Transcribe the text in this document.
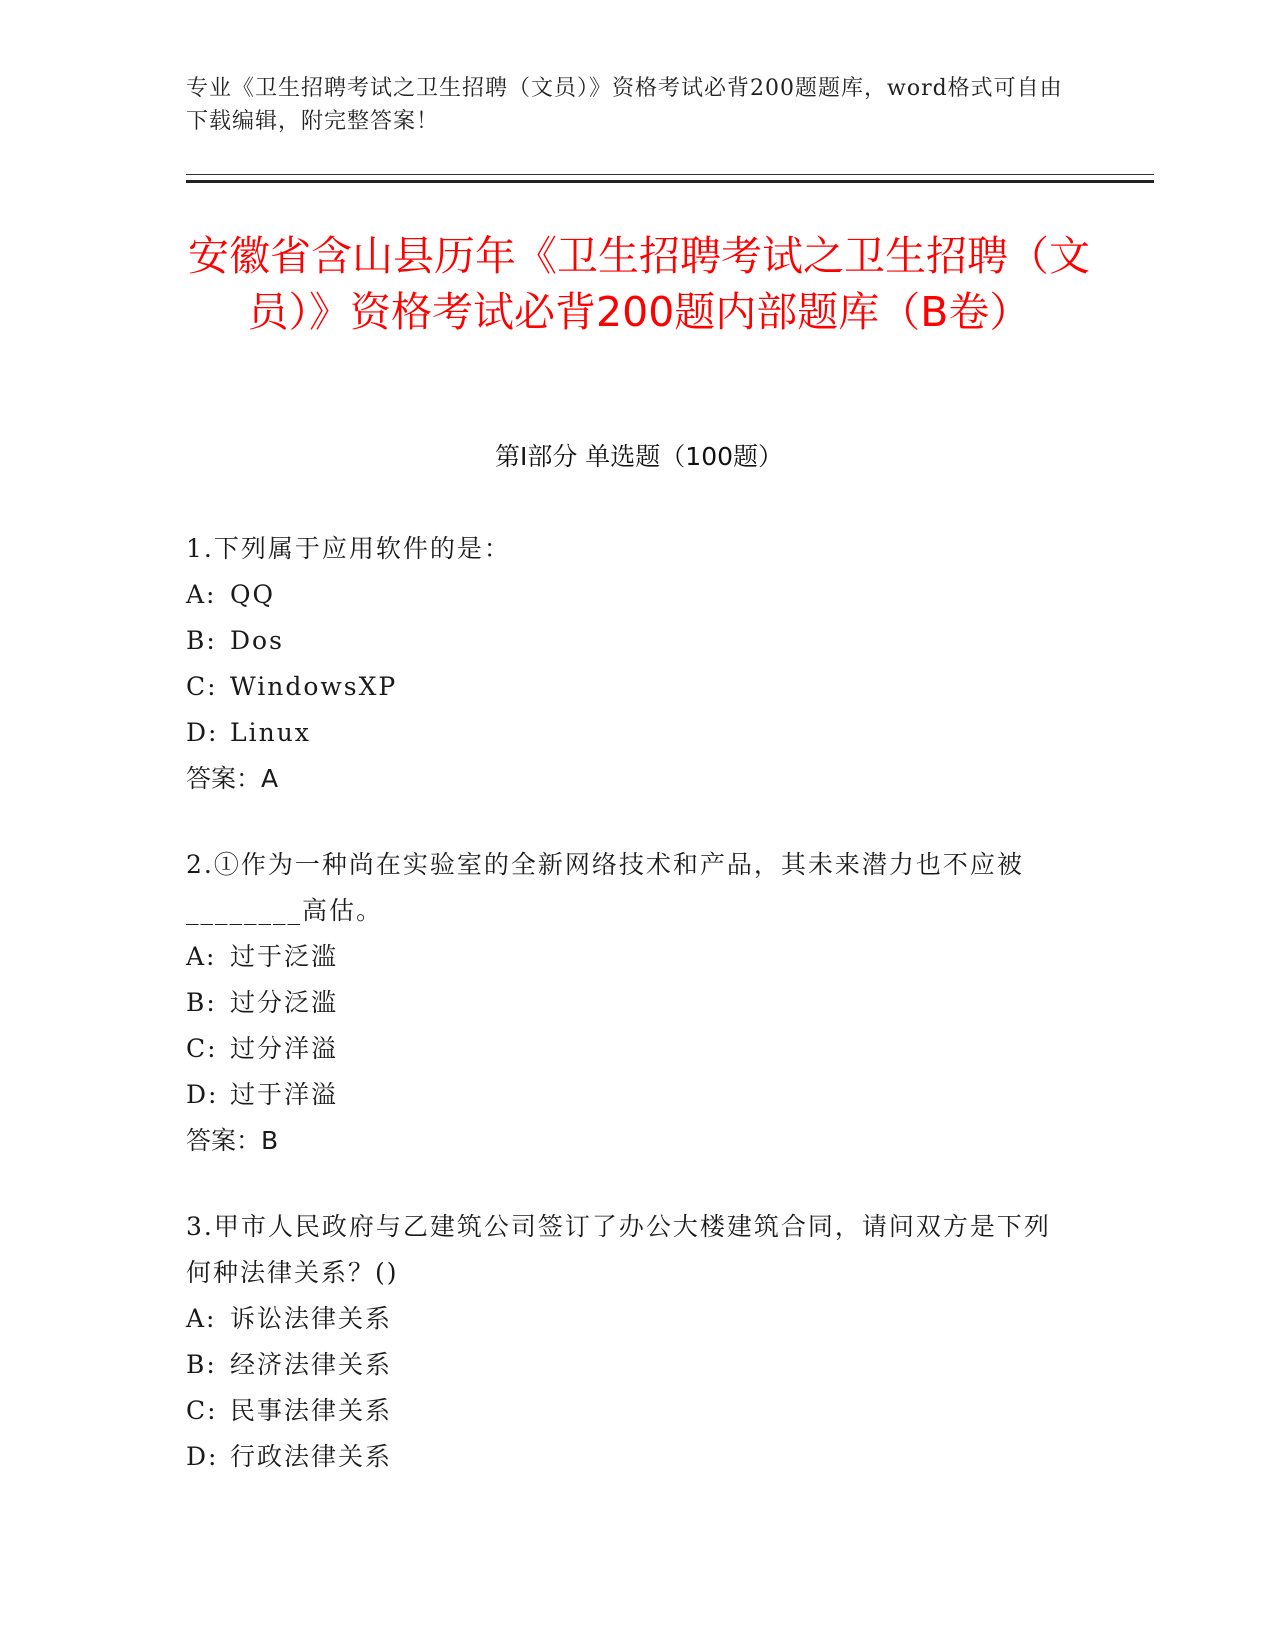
专业《卫生招聘考试之卫生招聘（文员）》资格考试必背200题题库，word格式可自由下载编辑，附完整答案！
安徽省含山县历年《卫生招聘考试之卫生招聘（文员）》资格考试必背200题内部题库（B卷）
第I部分 单选题（100题）

1.下列属于应用软件的是：

A: QQ

B: Dos

C: WindowsXP

D: Linux

答案：A

2.①作为一种尚在实验室的全新网络技术和产品，其未来潜力也不应被________高估。

A: 过于泛滥

B: 过分泛滥

C: 过分洋溢

D: 过于洋溢

答案：B

3.甲市人民政府与乙建筑公司签订了办公大楼建筑合同，请问双方是下列何种法律关系？()

A: 诉讼法律关系

B: 经济法律关系

C: 民事法律关系

D: 行政法律关系
